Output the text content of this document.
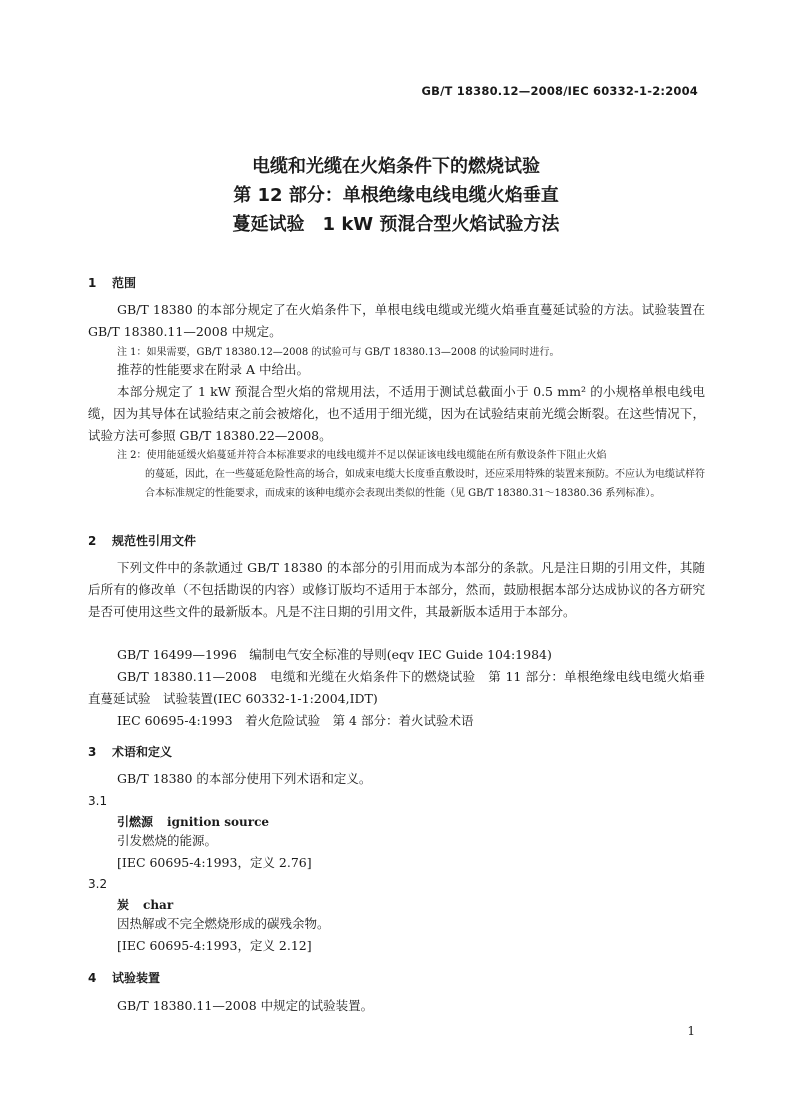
GB/T 18380.12—2008/IEC 60332-1-2:2004
电缆和光缆在火焰条件下的燃烧试验
第 12 部分：单根绝缘电线电缆火焰垂直
蔓延试验　1 kW 预混合型火焰试验方法
1 范围
GB/T 18380 的本部分规定了在火焰条件下，单根电线电缆或光缆火焰垂直蔓延试验的方法。试验装置在 GB/T 18380.11—2008 中规定。
注 1：如果需要，GB/T 18380.12—2008 的试验可与 GB/T 18380.13—2008 的试验同时进行。
推荐的性能要求在附录 A 中给出。
本部分规定了 1 kW 预混合型火焰的常规用法，不适用于测试总截面小于 0.5 mm² 的小规格单根电线电缆，因为其导体在试验结束之前会被熔化，也不适用于细光缆，因为在试验结束前光缆会断裂。在这些情况下，试验方法可参照 GB/T 18380.22—2008。
注 2：使用能延缓火焰蔓延并符合本标准要求的电线电缆并不足以保证该电线电缆能在所有敷设条件下阻止火焰
的蔓延，因此，在一些蔓延危险性高的场合，如成束电缆大长度垂直敷设时，还应采用特殊的装置来预防。不应认为电缆试样符合本标准规定的性能要求，而成束的该种电缆亦会表现出类似的性能（见 GB/T 18380.31～18380.36 系列标准）。
2 规范性引用文件
下列文件中的条款通过 GB/T 18380 的本部分的引用而成为本部分的条款。凡是注日期的引用文件，其随后所有的修改单（不包括勘误的内容）或修订版均不适用于本部分，然而，鼓励根据本部分达成协议的各方研究是否可使用这些文件的最新版本。凡是不注日期的引用文件，其最新版本适用于本部分。
GB/T 16499—1996　编制电气安全标准的导则(eqv IEC Guide 104:1984)
GB/T 18380.11—2008　电缆和光缆在火焰条件下的燃烧试验　第 11 部分：单根绝缘电线电缆火焰垂直蔓延试验　试验装置(IEC 60332-1-1:2004,IDT)
IEC 60695-4:1993　着火危险试验　第 4 部分：着火试验术语
3 术语和定义
GB/T 18380 的本部分使用下列术语和定义。
3.1
引燃源 ignition source
引发燃烧的能源。
[IEC 60695-4:1993，定义 2.76]
3.2
炭 char
因热解或不完全燃烧形成的碳残余物。
[IEC 60695-4:1993，定义 2.12]
4 试验装置
GB/T 18380.11—2008 中规定的试验装置。
1
